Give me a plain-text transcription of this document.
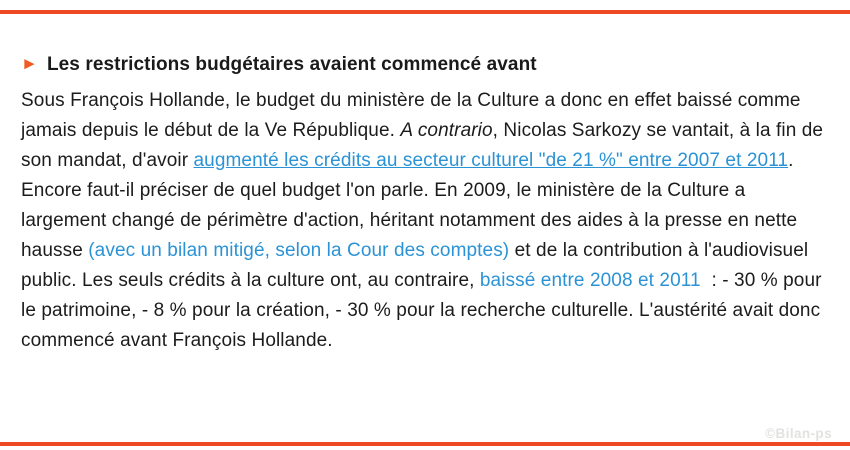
► Les restrictions budgétaires avaient commencé avant

Sous François Hollande, le budget du ministère de la Culture a donc en effet baissé comme jamais depuis le début de la Ve République. A contrario, Nicolas Sarkozy se vantait, à la fin de son mandat, d'avoir augmenté les crédits au secteur culturel "de 21 %" entre 2007 et 2011. Encore faut-il préciser de quel budget l'on parle. En 2009, le ministère de la Culture a largement changé de périmètre d'action, héritant notamment des aides à la presse en nette hausse (avec un bilan mitigé, selon la Cour des comptes) et de la contribution à l'audiovisuel public. Les seuls crédits à la culture ont, au contraire, baissé entre 2008 et 2011  : - 30 % pour le patrimoine, - 8 % pour la création, - 30 % pour la recherche culturelle. L'austérité avait donc commencé avant François Hollande.

©Bilan-ps
